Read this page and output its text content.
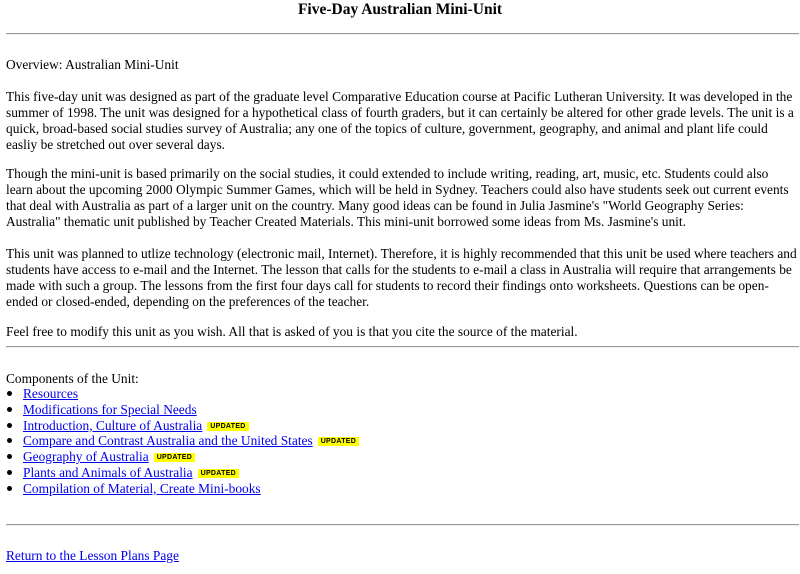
Five-Day Australian Mini-Unit

Overview: Australian Mini-Unit

This five-day unit was designed as part of the graduate level Comparative Education course at Pacific Lutheran University. It was developed in the summer of 1998. The unit was designed for a hypothetical class of fourth graders, but it can certainly be altered for other grade levels. The unit is a quick, broad-based social studies survey of Australia; any one of the topics of culture, government, geography, and animal and plant life could easliy be stretched out over several days.

Though the mini-unit is based primarily on the social studies, it could extended to include writing, reading, art, music, etc. Students could also learn about the upcoming 2000 Olympic Summer Games, which will be held in Sydney. Teachers could also have students seek out current events that deal with Australia as part of a larger unit on the country. Many good ideas can be found in Julia Jasmine's "World Geography Series: Australia" thematic unit published by Teacher Created Materials. This mini-unit borrowed some ideas from Ms. Jasmine's unit.

This unit was planned to utlize technology (electronic mail, Internet). Therefore, it is highly recommended that this unit be used where teachers and students have access to e-mail and the Internet. The lesson that calls for the students to e-mail a class in Australia will require that arrangements be made with such a group. The lessons from the first four days call for students to record their findings onto worksheets. Questions can be open-ended or closed-ended, depending on the preferences of the teacher.

Feel free to modify this unit as you wish. All that is asked of you is that you cite the source of the material.

Components of the Unit:

Resources
Modifications for Special Needs
Introduction, Culture of Australia UPDATED
Compare and Contrast Australia and the United States UPDATED
Geography of Australia UPDATED
Plants and Animals of Australia UPDATED
Compilation of Material, Create Mini-books
Return to the Lesson Plans Page
